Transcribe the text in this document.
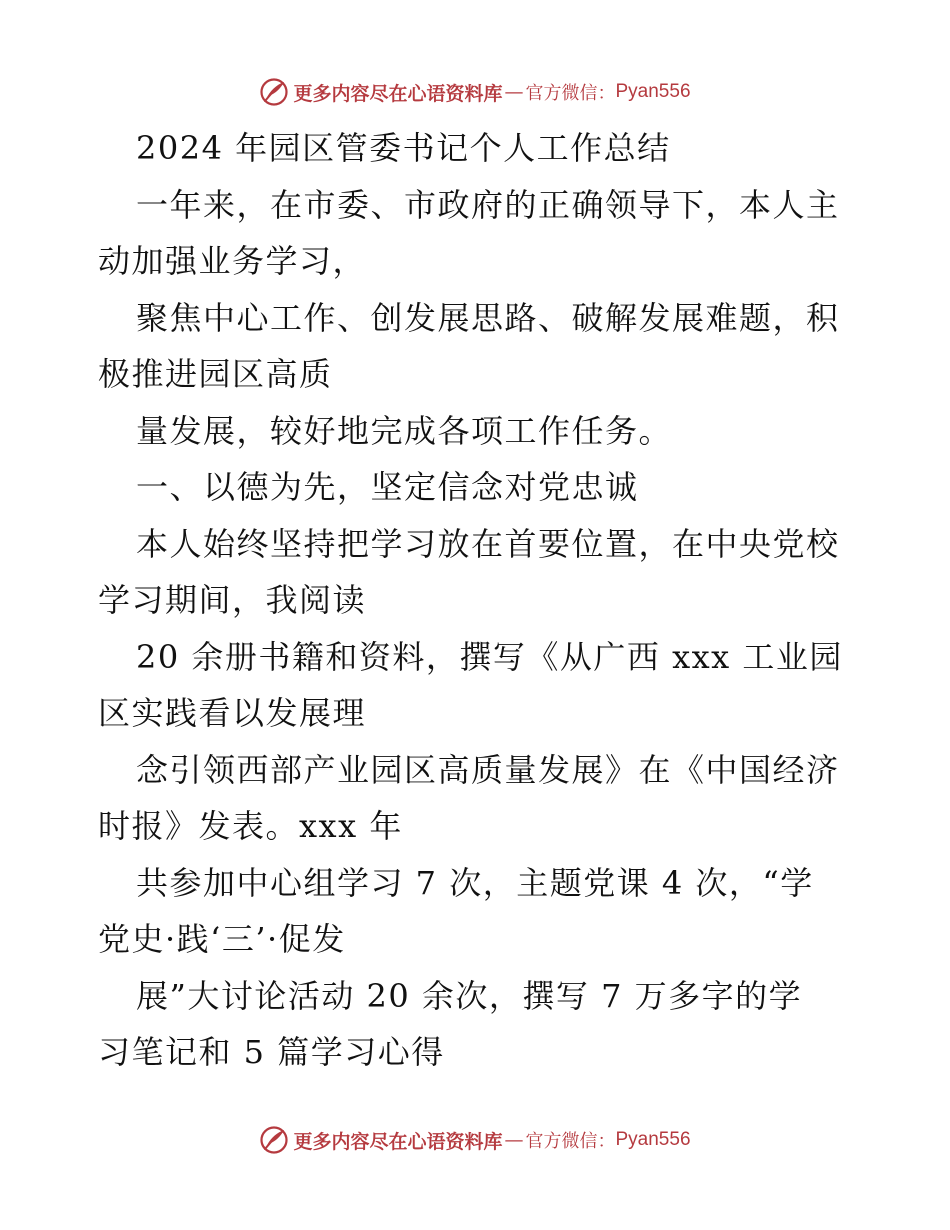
更多内容尽在心语资料库 — 官方微信： Pyan556
2024 年园区管委书记个人工作总结
一年来，在市委、市政府的正确领导下，本人主
动加强业务学习，
聚焦中心工作、创发展思路、破解发展难题，积
极推进园区高质
量发展，较好地完成各项工作任务。
一、以德为先，坚定信念对党忠诚
本人始终坚持把学习放在首要位置，在中央党校
学习期间，我阅读
20 余册书籍和资料，撰写《从广西 xxx 工业园
区实践看以发展理
念引领西部产业园区高质量发展》在《中国经济
时报》发表。xxx 年
共参加中心组学习 7 次，主题党课 4 次，“学
党史·践‘三’·促发
展”大讨论活动 20 余次，撰写 7 万多字的学
习笔记和 5 篇学习心得
更多内容尽在心语资料库 — 官方微信： Pyan556
